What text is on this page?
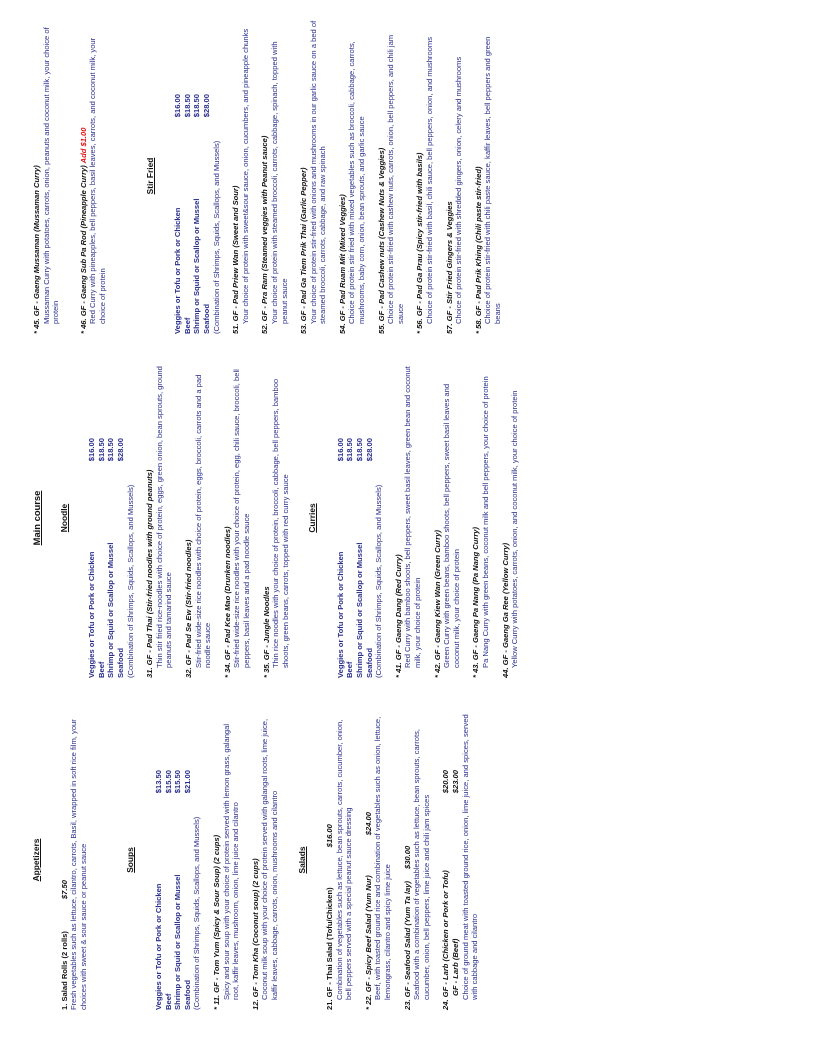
Appetizers

1. Salad Rolls (2 rolls)
$7.50 Fresh vegetables such as lettuce, cilantro, carrots, Basil, wrapped in soft rice film, your choices with sweet & sour sauce or peanut sauce	Soups

Veggies or Tofu or Pork or Chicken
$13.50
Beef
$15.50
Shrimp or Squid or Scallop or Mussel
$15.50
Seafood
$21.00
(Combination of Shrimps, Squids, Scallops, and Mussels) * 11. GF - Tom Yum (Spicy & Sour Soup) (2 cups) Spicy and sour soup with your choice of protein served with lemon grass, galangal root, kaffir leaves, mushroom, onion, lime juice and cilantro 12. GF - Tom Kha (Coconut soup) (2 cups) Coconut milk soup with your choice of protein served with galangal roots, lime juice, kaffir leaves, cabbage, carrots, onion, mushrooms and cilantro Salads

21. GF - Thai Salad (Tofu/Chicken)
$16.00 Combination of vegetables such as lettuce, bean sprouts, carrots, cucumber, onion, bell peppers served with a special peanut sauce dressing * 22. GF - Spicy Beef Salad (Yum Nur)
$24.00 Beef, with toasted ground rice and combination of vegetables such as onion, lettuce, lemongrass, cilantro and spicy lime juice 23. GF - Seafood Salad (Yum Ta lay)
$30.00 Seafood with a combination of vegetables such as lettuce, bean sprouts, carrots, cucumber, onion, bell peppers, lime juice and chili jam spices 24. GF - Larb (Chicken or Pork or Tofu)
$20.00
GF - Larb (Beef)
$23.00 Choice of ground meat with toasted ground rice, onion, lime juice, and spices, served with cabbage and cilantro

Main course Noodle

Veggies or Tofu or Pork or Chicken
$16.00
Beef
$18.50
Shrimp or Squid or Scallop or Mussel
$18.50
Seafood
$28.00
(Combination of Shrimps, Squids, Scallops, and Mussels) 31. GF - Pad Thai (Stir-fried noodles with ground peanuts) Thin stir fried rice-noodles with choice of protein, eggs, green onion, bean sprouts, ground peanuts and tamarind sauce 32. GF - Pad Se Ew (Stir-fried noodles) Stir-fried wide-size rice noodles with choice of protein, eggs, broccoli, carrots and a pad noodle sauce * 34. GF - Pad Kee Mao (Drunken noodles) Stir-fried wide-size rice noodles with your choice of protein, egg, chili sauce, broccoli, bell peppers, basil leaves and a pad noodle sauce * 35. GF - Jungle Noodles Thin rice noodles with your choice of protein, broccoli, cabbage, bell peppers, bamboo shoots, green beans, carrots, topped with red curry sauce Curries

Veggies or Tofu or Pork or Chicken
$16.00
Beef
$18.50
Shrimp or Squid or Scallop or Mussel
$18.50
Seafood
$28.00
(Combination of Shrimps, Squids, Scallops, and Mussels) * 41. GF - Gaeng Dang (Red Curry) Red Curry with bamboo shoots, bell peppers, sweet basil leaves, green bean and coconut milk, your choice of protein * 42. GF - Gaeng Kiew Wan (Green Curry) Green Curry with green beans, bamboo shoots, bell peppers, sweet basil leaves and coconut milk, your choice of protein * 43. GF - Gaeng Pa Nang (Pa Nang Curry) Pa Nang Curry with green beans, coconut milk and bell peppers, your choice of protein 44. GF - Gaeng Ga Ree (Yellow Curry) Yellow Curry with potatoes, carrots, onion, and coconut milk, your choice of protein
* 45. GF - Gaeng Mussaman (Mussaman Curry) Mussaman Curry with potatoes, carrots, onion, peanuts and coconut milk, your choice of protein * 46. GF - Gaeng Sub Pa Rod (Pineapple Curry) Add $1.00 Red Curry with pineapples, bell peppers, basil leaves, carrots, and coconut milk, your choice of protein

Stir Fried

Veggies or Tofu or Pork or Chicken
$16.00
Beef
$18.50
Shrimp or Squid or Scallop or Mussel
$18.50
Seafood
$28.00
(Combination of Shrimps, Squids, Scallops, and Mussels) 51. GF - Pad Priew Wan (Sweet and Sour) Your choice of protein with sweet&sour sauce, onion, cucumbers, and pineapple chunks 52. GF - Pra Ram (Steamed veggies with Peanut sauce) Your choice of protein with steamed broccoli, carrots, cabbage, spinach, topped with peanut sauce 53. GF - Pad Ga Tiem Prik Thai (Garlic Pepper) Your choice of protein stir-fried with onions and mushrooms in our garlic sauce on a bed of steamed broccoli, carrots, cabbage, and raw spinach 54. GF - Pad Ruam Mit (Mixed Veggies) Choice of protein stir fried with mixed vegetables such as broccoli, cabbage, carrots, mushrooms, baby corn, onion, bean sprouts, and garlic sauce 55. GF - Pad Cashew nuts (Cashew Nuts & Veggies) Choice of protein stir-fried with cashew nuts, carrots, onion, bell peppers, and chili jam sauce * 56. GF - Pad Ga Prau (Spicy stir-fried with basils) Choice of protein stir-fried with basil, chili sauce, bell peppers, onion, and mushrooms 57. GF - Stir Fried Gingers & Veggies Choice of protein stir-fried with shredded gingers, onion, celery and mushrooms * 58. GF - Pad Prik Khing (Chili paste stir-fried) Choice of protein stir-fried with chili paste sauce, kaffir leaves, bell peppers and green beans
